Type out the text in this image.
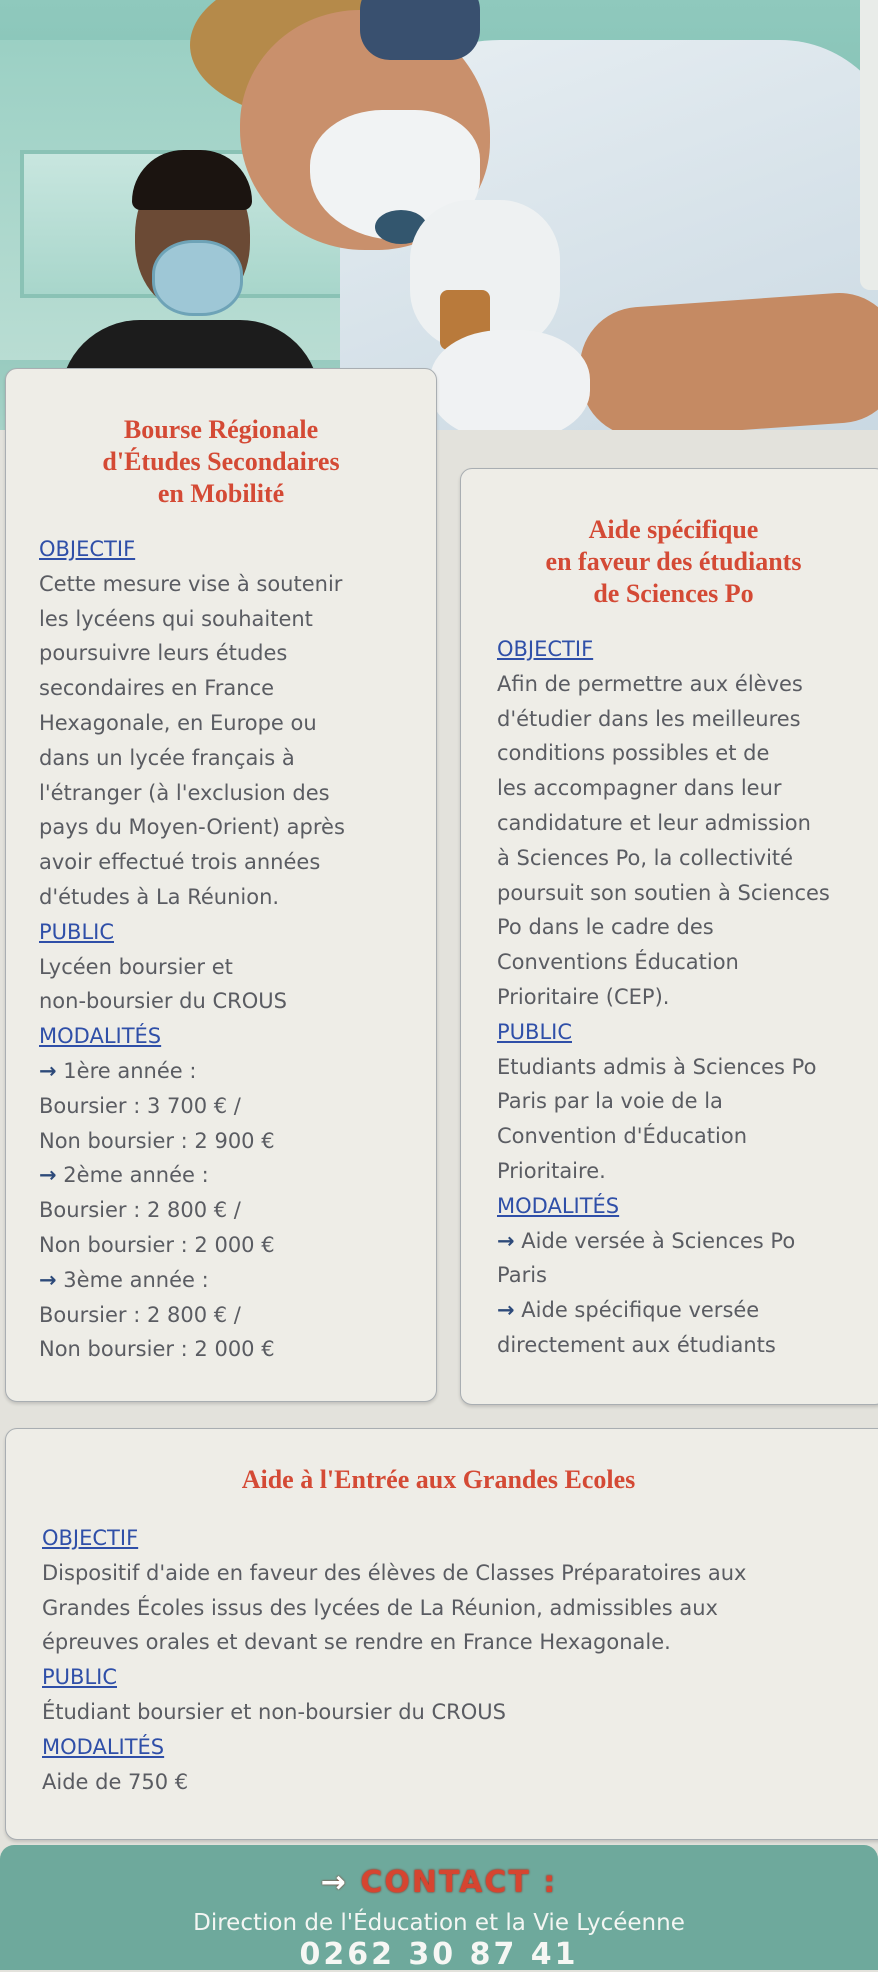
Bourse Régionale
d'Études Secondaires
en Mobilité
OBJECTIF
Cette mesure vise à soutenir
les lycéens qui souhaitent
poursuivre leurs études
secondaires en France
Hexagonale, en Europe ou
dans un lycée français à
l'étranger (à l'exclusion des
pays du Moyen-Orient) après
avoir effectué trois années
d'études à La Réunion.
PUBLIC
Lycéen boursier et
non-boursier du CROUS
MODALITÉS
→ 1ère année :
Boursier : 3 700 € /
Non boursier : 2 900 €
→ 2ème année :
Boursier : 2 800 € /
Non boursier : 2 000 €
→ 3ème année :
Boursier : 2 800 € /
Non boursier : 2 000 €
Aide spécifique
en faveur des étudiants
de Sciences Po
OBJECTIF
Afin de permettre aux élèves
d'étudier dans les meilleures
conditions possibles et de
les accompagner dans leur
candidature et leur admission
à Sciences Po, la collectivité
poursuit son soutien à Sciences
Po dans le cadre des
Conventions Éducation
Prioritaire (CEP).
PUBLIC
Etudiants admis à Sciences Po
Paris par la voie de la
Convention d'Éducation
Prioritaire.
MODALITÉS
→ Aide versée à Sciences Po
Paris
→ Aide spécifique versée
directement aux étudiants
Aide à l'Entrée aux Grandes Ecoles
OBJECTIF
Dispositif d'aide en faveur des élèves de Classes Préparatoires aux
Grandes Écoles issus des lycées de La Réunion, admissibles aux
épreuves orales et devant se rendre en France Hexagonale.
PUBLIC
Étudiant boursier et non-boursier du CROUS
MODALITÉS
Aide de 750 €
→ CONTACT :
Direction de l'Éducation et la Vie Lycéenne
0262 30 87 41
